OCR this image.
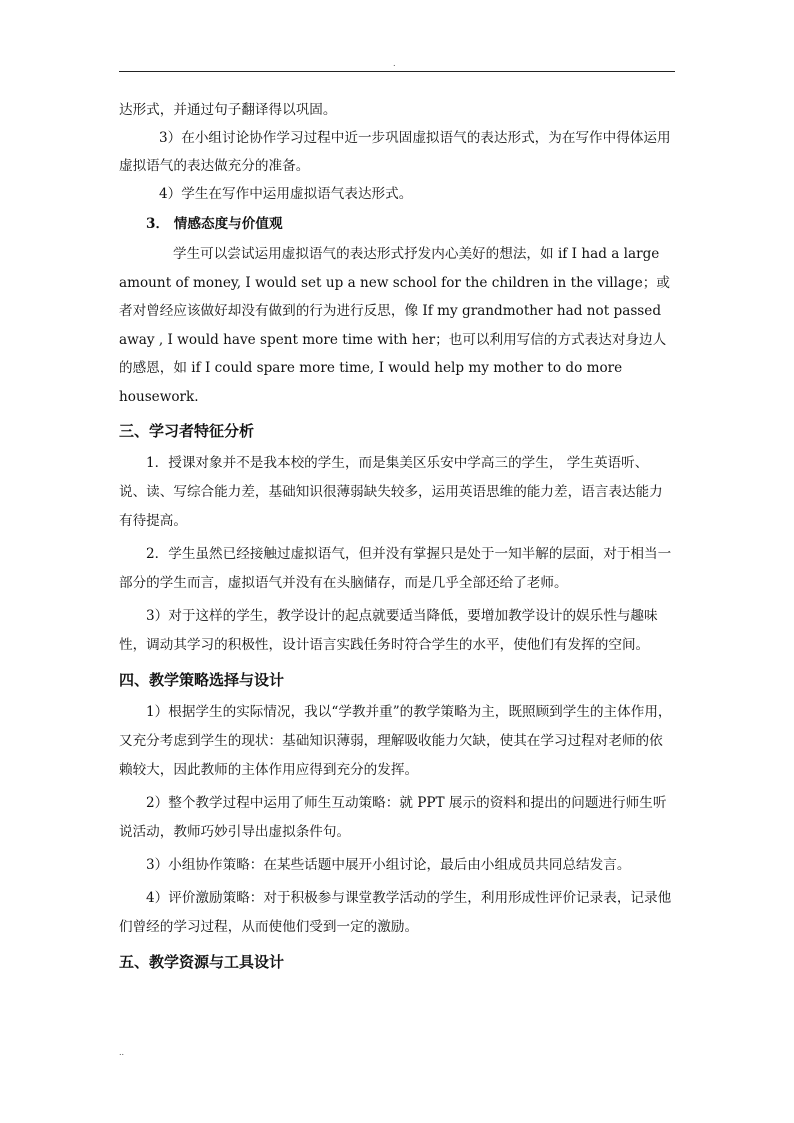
.

达形式，并通过句子翻译得以巩固。

3）在小组讨论协作学习过程中近一步巩固虚拟语气的表达形式，为在写作中得体运用虚拟语气的表达做充分的准备。

4）学生在写作中运用虚拟语气表达形式。

3． 情感态度与价值观

学生可以尝试运用虚拟语气的表达形式抒发内心美好的想法，如 if I had a large amount of money, I would set up a new school for the children in the village；或者对曾经应该做好却没有做到的行为进行反思，像 If my grandmother had not passed away , I would have spent more time with her；也可以利用写信的方式表达对身边人的感恩，如 if I could spare more time, I would help my mother to do more housework.

三、学习者特征分析

1．授课对象并不是我本校的学生，而是集美区乐安中学高三的学生， 学生英语听、说、读、写综合能力差，基础知识很薄弱缺失较多，运用英语思维的能力差，语言表达能力有待提高。

2．学生虽然已经接触过虚拟语气，但并没有掌握只是处于一知半解的层面，对于相当一部分的学生而言，虚拟语气并没有在头脑储存，而是几乎全部还给了老师。

3）对于这样的学生，教学设计的起点就要适当降低，要增加教学设计的娱乐性与趣味性，调动其学习的积极性，设计语言实践任务时符合学生的水平，使他们有发挥的空间。

四、教学策略选择与设计

1）根据学生的实际情况，我以“学教并重”的教学策略为主，既照顾到学生的主体作用，又充分考虑到学生的现状：基础知识薄弱，理解吸收能力欠缺，使其在学习过程对老师的依赖较大，因此教师的主体作用应得到充分的发挥。

2）整个教学过程中运用了师生互动策略：就 PPT 展示的资料和提出的问题进行师生听说活动，教师巧妙引导出虚拟条件句。

3）小组协作策略：在某些话题中展开小组讨论，最后由小组成员共同总结发言。

4）评价激励策略：对于积极参与课堂教学活动的学生，利用形成性评价记录表，记录他们曾经的学习过程，从而使他们受到一定的激励。

五、教学资源与工具设计

..
